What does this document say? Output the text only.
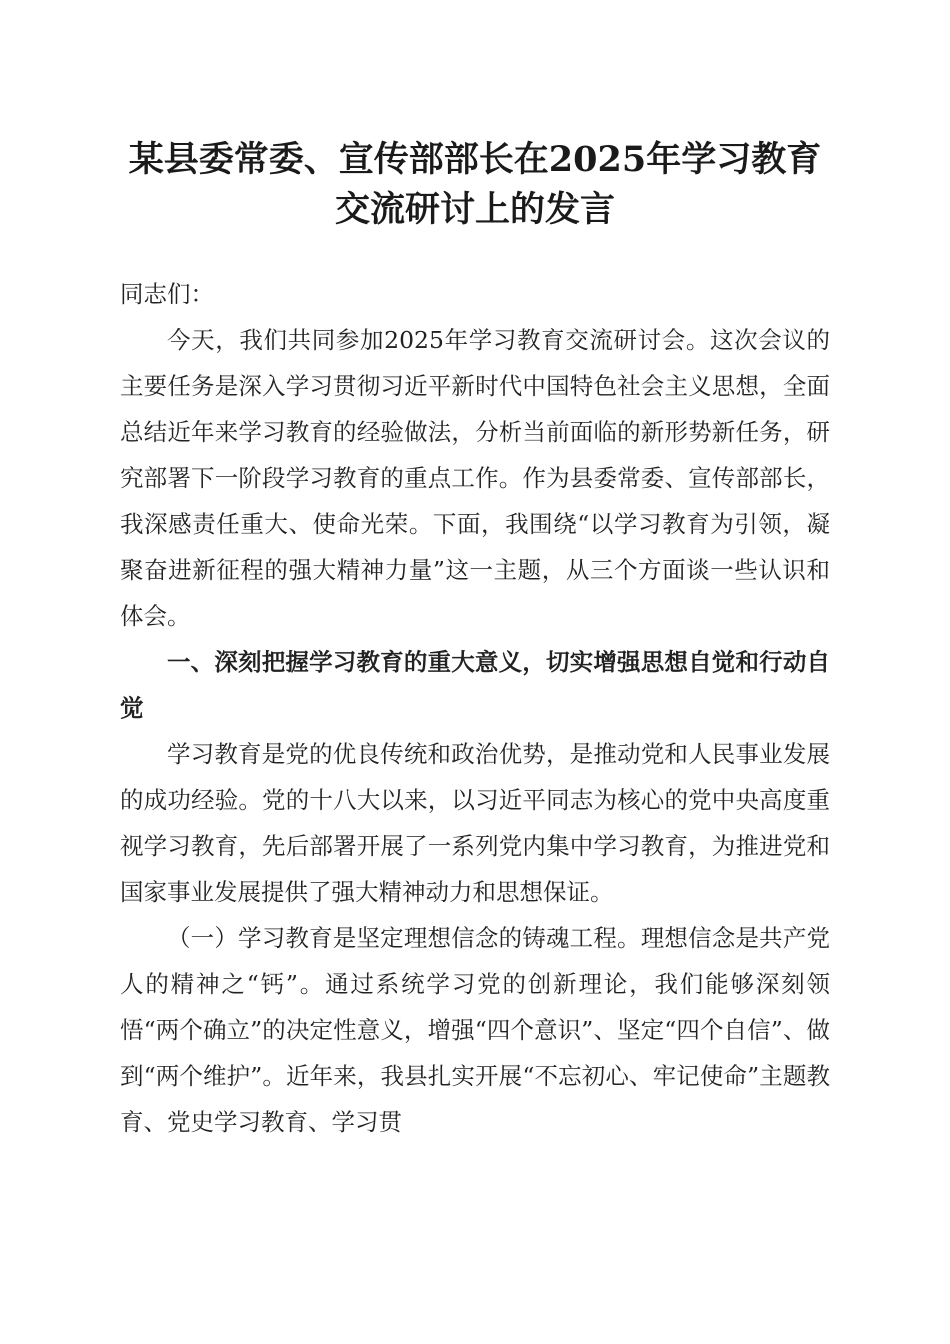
某县委常委、宣传部部长在2025年学习教育
交流研讨上的发言

同志们：

今天，我们共同参加2025年学习教育交流研讨会。这次会议的主要任务是深入学习贯彻习近平新时代中国特色社会主义思想，全面总结近年来学习教育的经验做法，分析当前面临的新形势新任务，研究部署下一阶段学习教育的重点工作。作为县委常委、宣传部部长，我深感责任重大、使命光荣。下面，我围绕“以学习教育为引领，凝聚奋进新征程的强大精神力量”这一主题，从三个方面谈一些认识和体会。

一、深刻把握学习教育的重大意义，切实增强思想自觉和行动自觉

学习教育是党的优良传统和政治优势，是推动党和人民事业发展的成功经验。党的十八大以来，以习近平同志为核心的党中央高度重视学习教育，先后部署开展了一系列党内集中学习教育，为推进党和国家事业发展提供了强大精神动力和思想保证。

（一）学习教育是坚定理想信念的铸魂工程。理想信念是共产党人的精神之“钙”。通过系统学习党的创新理论，我们能够深刻领悟“两个确立”的决定性意义，增强“四个意识”、坚定“四个自信”、做到“两个维护”。近年来，我县扎实开展“不忘初心、牢记使命”主题教育、党史学习教育、学习贯
